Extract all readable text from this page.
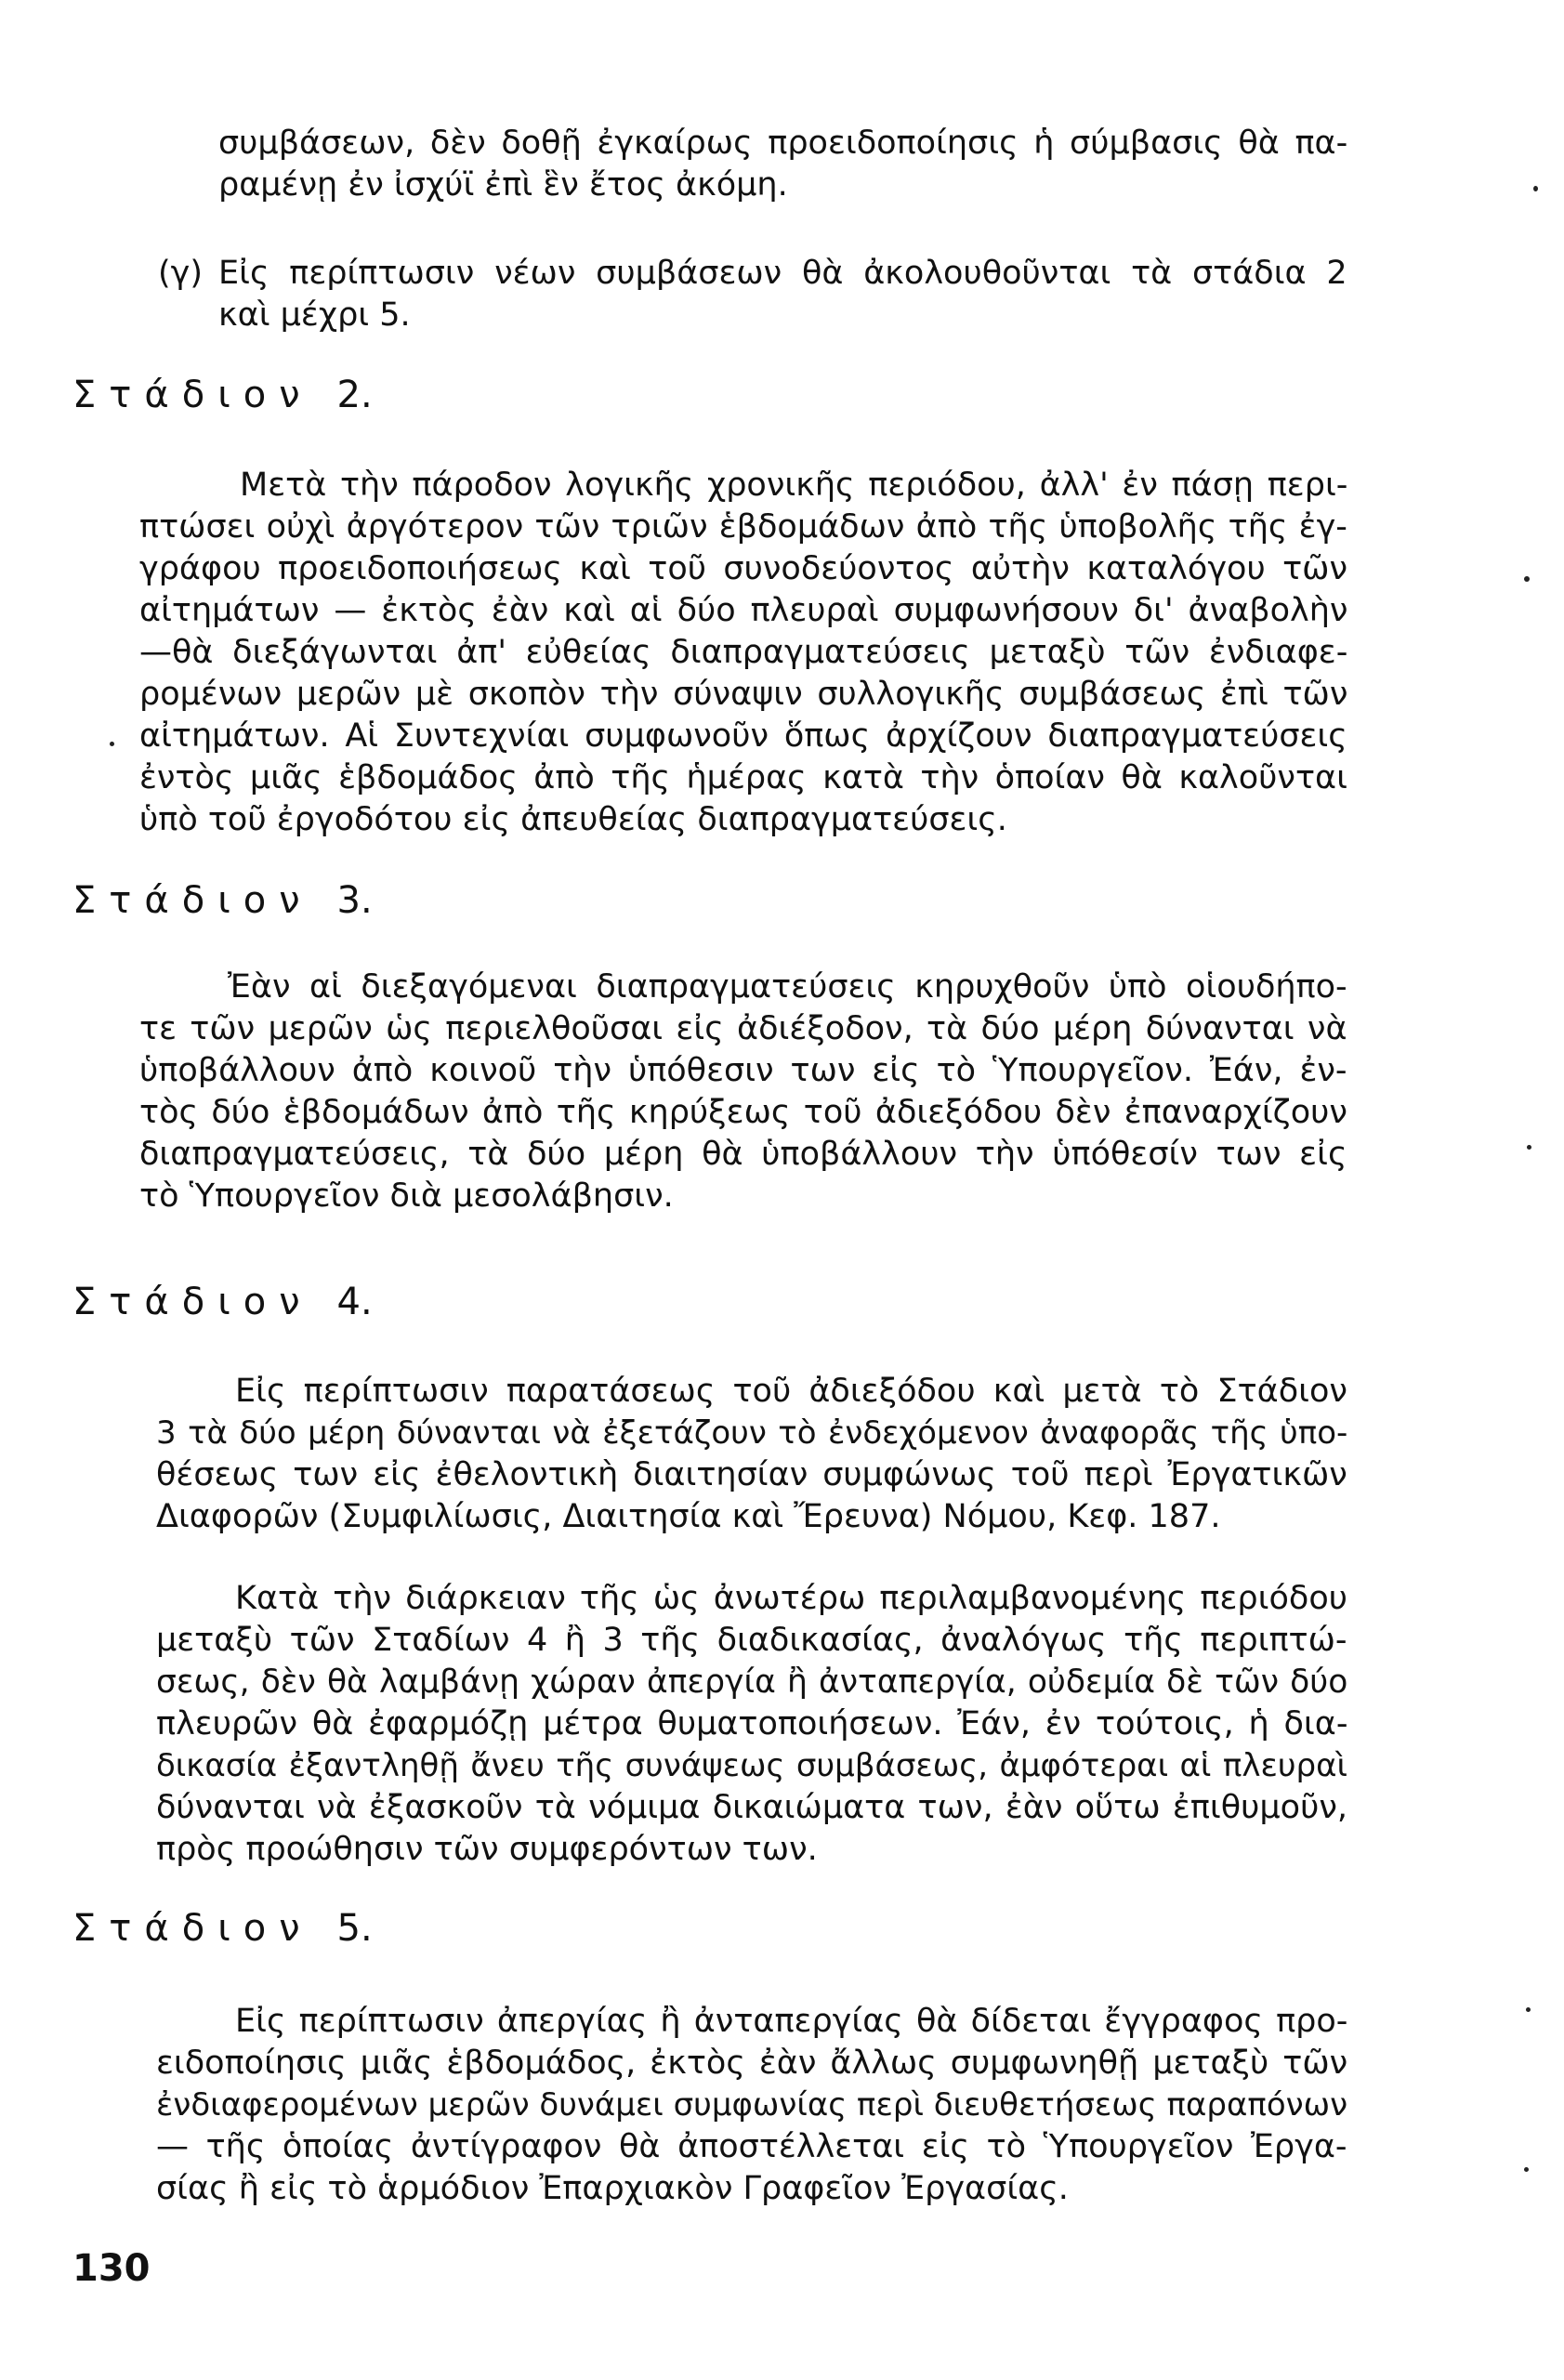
συμβάσεων, δὲν δοθῇ ἐγκαίρως προειδοποίησις ἡ σύμβασις θὰ πα-
ραμένῃ ἐν ἰσχύϊ ἐπὶ ἓν ἔτος ἀκόμη.
(γ) Εἰς περίπτωσιν νέων συμβάσεων θὰ ἀκολουθοῦνται τὰ στάδια 2
καὶ μέχρι 5.
Στάδιον 2.
Μετὰ τὴν πάροδον λογικῆς χρονικῆς περιόδου, ἀλλ' ἐν πάσῃ περι-
πτώσει οὐχὶ ἀργότερον τῶν τριῶν ἑβδομάδων ἀπὸ τῆς ὑποβολῆς τῆς ἐγ-
γράφου προειδοποιήσεως καὶ τοῦ συνοδεύοντος αὐτὴν καταλόγου τῶν
αἰτημάτων — ἐκτὸς ἐὰν καὶ αἱ δύο πλευραὶ συμφωνήσουν δι' ἀναβολὴν
—θὰ διεξάγωνται ἀπ' εὐθείας διαπραγματεύσεις μεταξὺ τῶν ἐνδιαφε-
ρομένων μερῶν μὲ σκοπὸν τὴν σύναψιν συλλογικῆς συμβάσεως ἐπὶ τῶν
αἰτημάτων. Αἱ Συντεχνίαι συμφωνοῦν ὅπως ἀρχίζουν διαπραγματεύσεις
ἐντὸς μιᾶς ἑβδομάδος ἀπὸ τῆς ἡμέρας κατὰ τὴν ὁποίαν θὰ καλοῦνται
ὑπὸ τοῦ ἐργοδότου εἰς ἀπευθείας διαπραγματεύσεις.
Στάδιον 3.
Ἐὰν αἱ διεξαγόμεναι διαπραγματεύσεις κηρυχθοῦν ὑπὸ οἱουδήπο-
τε τῶν μερῶν ὡς περιελθοῦσαι εἰς ἀδιέξοδον, τὰ δύο μέρη δύνανται νὰ
ὑποβάλλουν ἀπὸ κοινοῦ τὴν ὑπόθεσιν των εἰς τὸ Ὑπουργεῖον. Ἐάν, ἐν-
τὸς δύο ἑβδομάδων ἀπὸ τῆς κηρύξεως τοῦ ἀδιεξόδου δὲν ἐπαναρχίζουν
διαπραγματεύσεις, τὰ δύο μέρη θὰ ὑποβάλλουν τὴν ὑπόθεσίν των εἰς
τὸ Ὑπουργεῖον διὰ μεσολάβησιν.
Στάδιον 4.
Εἰς περίπτωσιν παρατάσεως τοῦ ἀδιεξόδου καὶ μετὰ τὸ Στάδιον
3 τὰ δύο μέρη δύνανται νὰ ἐξετάζουν τὸ ἐνδεχόμενον ἀναφορᾶς τῆς ὑπο-
θέσεως των εἰς ἐθελοντικὴ διαιτησίαν συμφώνως τοῦ περὶ Ἐργατικῶν
Διαφορῶν (Συμφιλίωσις, Διαιτησία καὶ Ἔρευνα) Νόμου, Κεφ. 187.
Κατὰ τὴν διάρκειαν τῆς ὡς ἀνωτέρω περιλαμβανομένης περιόδου
μεταξὺ τῶν Σταδίων 4 ἢ 3 τῆς διαδικασίας, ἀναλόγως τῆς περιπτώ-
σεως, δὲν θὰ λαμβάνῃ χώραν ἀπεργία ἢ ἀνταπεργία, οὐδεμία δὲ τῶν δύο
πλευρῶν θὰ ἐφαρμόζῃ μέτρα θυματοποιήσεων. Ἐάν, ἐν τούτοις, ἡ δια-
δικασία ἐξαντληθῇ ἄνευ τῆς συνάψεως συμβάσεως, ἀμφότεραι αἱ πλευραὶ
δύνανται νὰ ἐξασκοῦν τὰ νόμιμα δικαιώματα των, ἐὰν οὕτω ἐπιθυμοῦν,
πρὸς προώθησιν τῶν συμφερόντων των.
Στάδιον 5.
Εἰς περίπτωσιν ἀπεργίας ἢ ἀνταπεργίας θὰ δίδεται ἔγγραφος προ-
ειδοποίησις μιᾶς ἑβδομάδος, ἐκτὸς ἐὰν ἄλλως συμφωνηθῇ μεταξὺ τῶν
ἐνδιαφερομένων μερῶν δυνάμει συμφωνίας περὶ διευθετήσεως παραπόνων
— τῆς ὁποίας ἀντίγραφον θὰ ἀποστέλλεται εἰς τὸ Ὑπουργεῖον Ἐργα-
σίας ἢ εἰς τὸ ἁρμόδιον Ἐπαρχιακὸν Γραφεῖον Ἐργασίας.
130
